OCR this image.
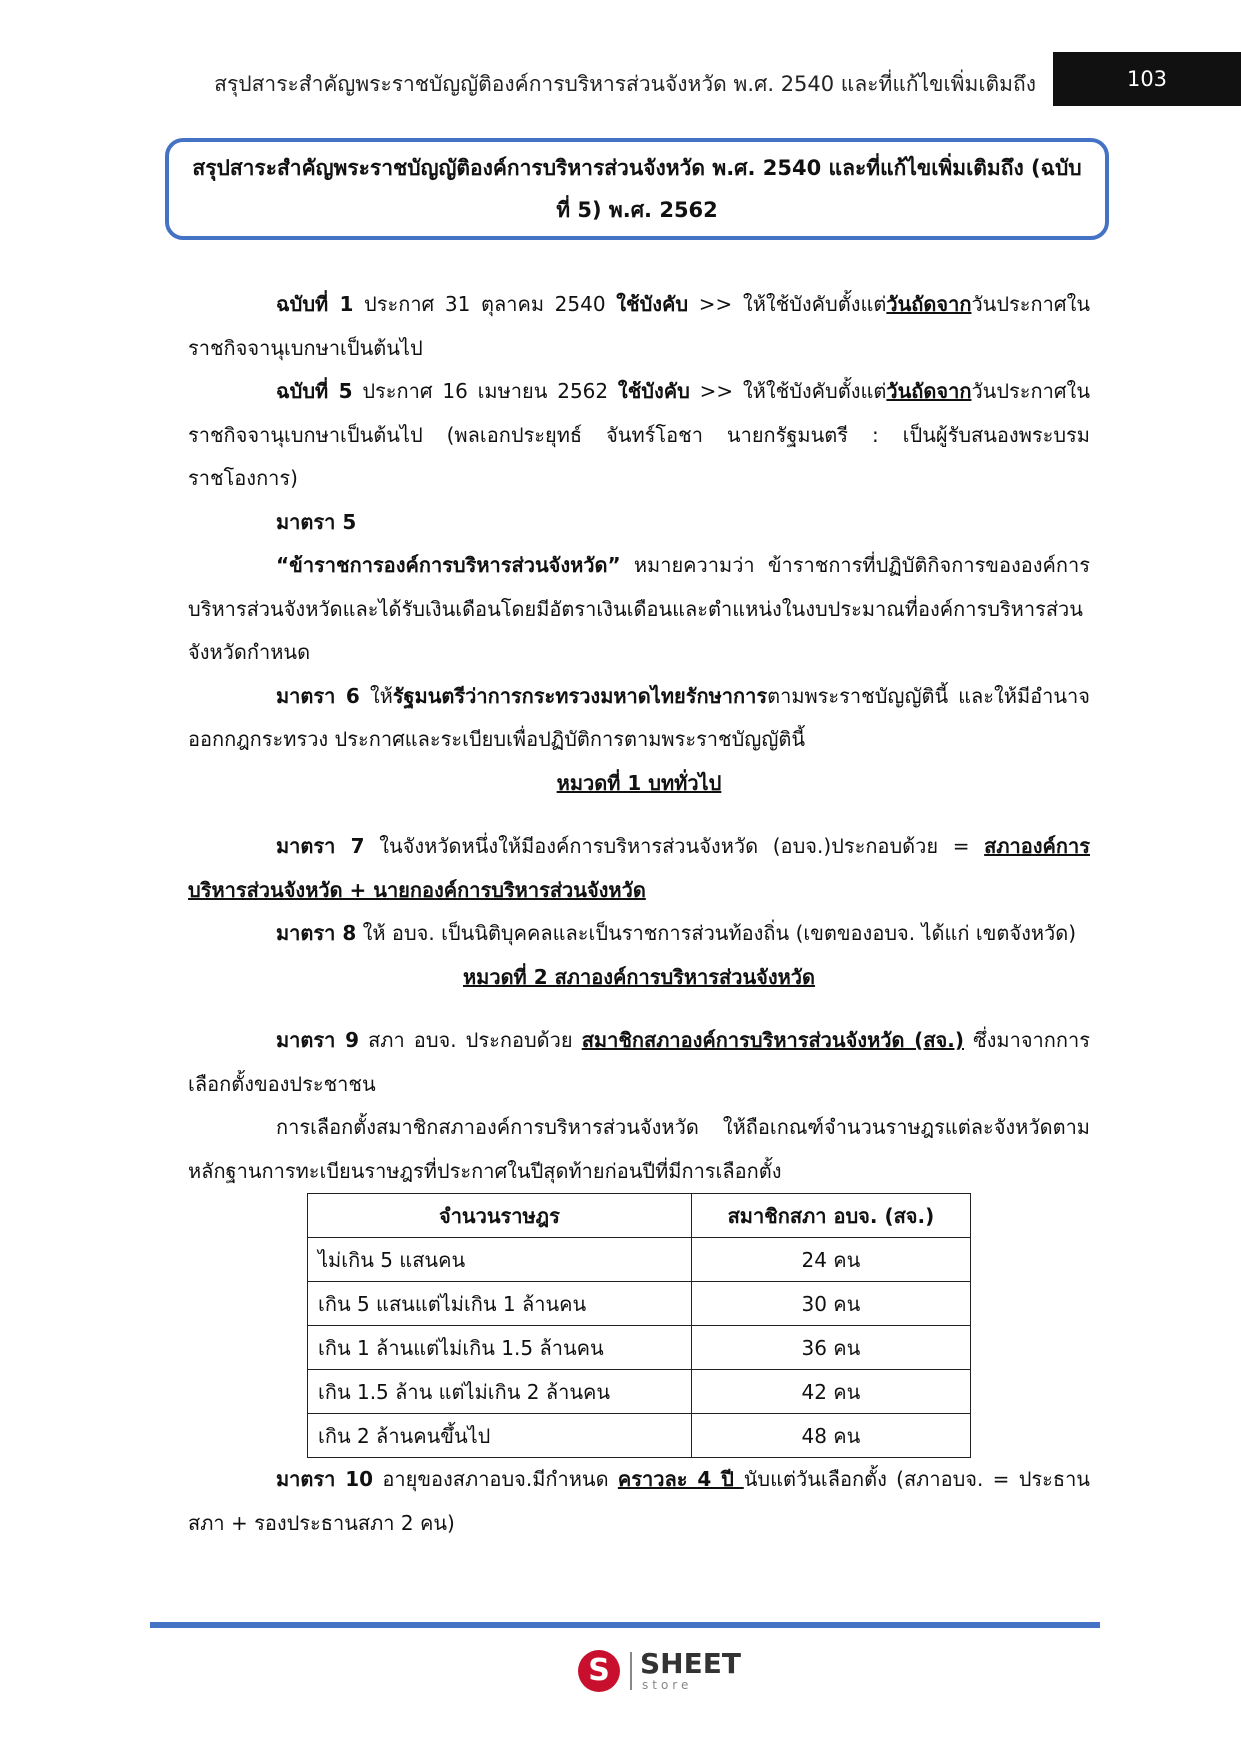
สรุปสาระสำคัญพระราชบัญญัติองค์การบริหารส่วนจังหวัด พ.ศ. 2540 และที่แก้ไขเพิ่มเติมถึง	103
สรุปสาระสำคัญพระราชบัญญัติองค์การบริหารส่วนจังหวัด พ.ศ. 2540 และที่แก้ไขเพิ่มเติมถึง (ฉบับที่ 5) พ.ศ. 2562

ฉบับที่ 1 ประกาศ 31 ตุลาคม 2540 ใช้บังคับ >> ให้ใช้บังคับตั้งแต่วันถัดจากวันประกาศในราชกิจจานุเบกษาเป็นต้นไป

ฉบับที่ 5 ประกาศ 16 เมษายน 2562 ใช้บังคับ >> ให้ใช้บังคับตั้งแต่วันถัดจากวันประกาศในราชกิจจานุเบกษาเป็นต้นไป (พลเอกประยุทธ์ จันทร์โอชา นายกรัฐมนตรี : เป็นผู้รับสนองพระบรมราชโองการ)

มาตรา 5

“ข้าราชการองค์การบริหารส่วนจังหวัด” หมายความว่า ข้าราชการที่ปฏิบัติกิจการขององค์การบริหารส่วนจังหวัดและได้รับเงินเดือนโดยมีอัตราเงินเดือนและตำแหน่งในงบประมาณที่องค์การบริหารส่วนจังหวัดกำหนด

มาตรา 6 ให้รัฐมนตรีว่าการกระทรวงมหาดไทยรักษาการตามพระราชบัญญัตินี้ และให้มีอำนาจออกกฎกระทรวง ประกาศและระเบียบเพื่อปฏิบัติการตามพระราชบัญญัตินี้

หมวดที่ 1 บททั่วไป

มาตรา 7 ในจังหวัดหนึ่งให้มีองค์การบริหารส่วนจังหวัด (อบจ.)ประกอบด้วย = สภาองค์การบริหารส่วนจังหวัด + นายกองค์การบริหารส่วนจังหวัด

มาตรา 8 ให้ อบจ. เป็นนิติบุคคลและเป็นราชการส่วนท้องถิ่น (เขตของอบจ. ได้แก่ เขตจังหวัด)

หมวดที่ 2 สภาองค์การบริหารส่วนจังหวัด

มาตรา 9 สภา อบจ. ประกอบด้วย สมาชิกสภาองค์การบริหารส่วนจังหวัด (สจ.) ซึ่งมาจากการเลือกตั้งของประชาชน

การเลือกตั้งสมาชิกสภาองค์การบริหารส่วนจังหวัด ให้ถือเกณฑ์จำนวนราษฎรแต่ละจังหวัดตามหลักฐานการทะเบียนราษฎรที่ประกาศในปีสุดท้ายก่อนปีที่มีการเลือกตั้ง

จำนวนราษฎร	สมาชิกสภา อบจ. (สจ.)
ไม่เกิน 5 แสนคน	24 คน
เกิน 5 แสนแต่ไม่เกิน 1 ล้านคน	30 คน
เกิน 1 ล้านแต่ไม่เกิน 1.5 ล้านคน	36 คน
เกิน 1.5 ล้าน แต่ไม่เกิน 2 ล้านคน	42 คน
เกิน 2 ล้านคนขึ้นไป	48 คน

มาตรา 10 อายุของสภาอบจ.มีกำหนด คราวละ 4 ปี นับแต่วันเลือกตั้ง (สภาอบจ. = ประธานสภา + รองประธานสภา 2 คน)

S	SHEET
store
